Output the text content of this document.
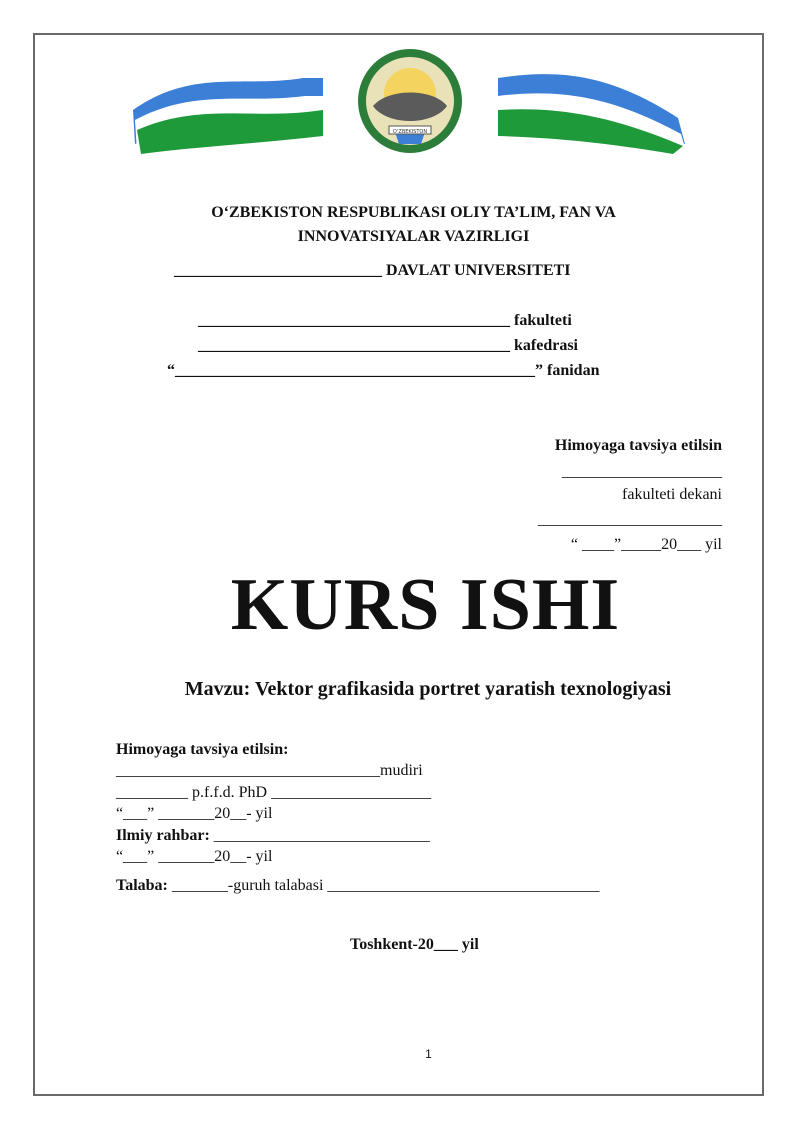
O‘ZBEKISTON
O‘ZBEKISTON RESPUBLIKASI OLIY TA’LIM, FAN VA
INNOVATSIYALAR VAZIRLIGI
__________________________ DAVLAT UNIVERSITETI
_______________________________________ fakulteti
_______________________________________ kafedrasi
“_____________________________________________” fanidan
Himoyaga tavsiya etilsin
____________________
fakulteti dekani
_______________________
“ ____”_____20___ yil
KURS ISHI
Mavzu: Vektor grafikasida portret yaratish texnologiyasi
Himoyaga tavsiya etilsin:
_________________________________mudiri
_________ p.f.f.d. PhD ____________________
“___” _______20__- yil
Ilmiy rahbar: ___________________________
“___” _______20__- yil
Talaba: _______-guruh talabasi __________________________________
Toshkent-20___ yil
1
